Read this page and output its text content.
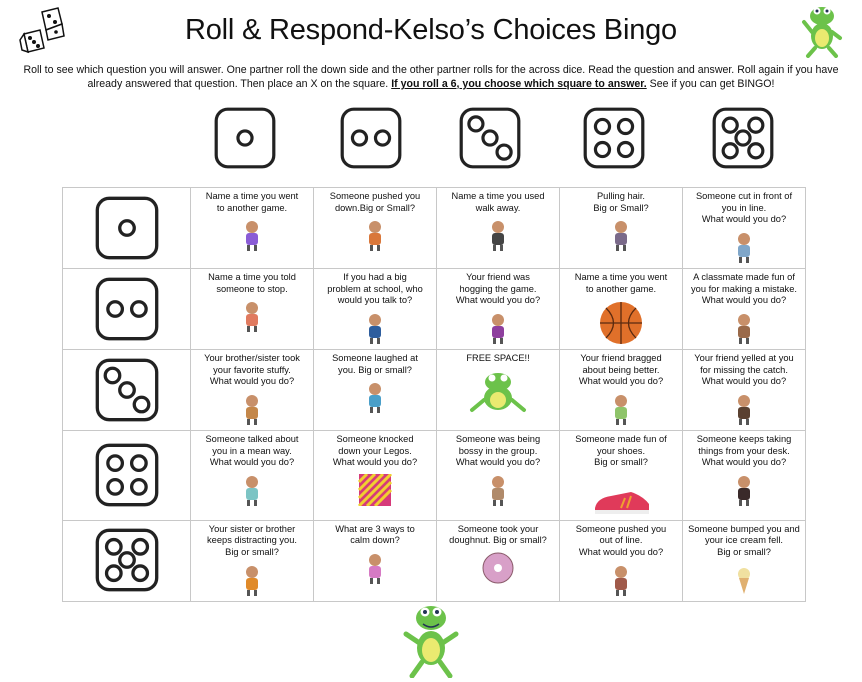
Roll & Respond-Kelso’s Choices Bingo
Roll to see which question you will answer. One partner roll the down side and the other partner rolls for the across dice. Read the question and answer. Roll again if you have already answered that question. Then place an X on the square. If you roll a 6, you choose which square to answer. See if you can get BINGO!

Name a time you went
to another game.	Someone pushed you
down.Big or Small?	Name a time you used
walk away.	Pulling hair.
Big or Small?	Someone cut in front of
you in line.
What would you do?

Name a time you told
someone to stop.	If you had a big
problem at school, who
would you talk to?	Your friend was
hogging the game.
What would you do?	Name a time you went
to another game.	A classmate made fun of
you for making a mistake.
What would you do?

Your brother/sister took
your favorite stuffy.
What would you do?	Someone laughed at
you. Big or small?	FREE SPACE!!	Your friend bragged
about being better.
What would you do?	Your friend yelled at you
for missing the catch.
What would you do?

Someone talked about
you in a mean way.
What would you do?	Someone knocked
down your Legos.
What would you do?	Someone was being
bossy in the group.
What would you do?	Someone made fun of
your shoes.
Big or small?	Someone keeps taking
things from your desk.
What would you do?

Your sister or brother
keeps distracting you.
Big or small?	What are 3 ways to
calm down?	Someone took your
doughnut. Big or small?	Someone pushed you
out of line.
What would you do?	Someone bumped you and
your ice cream fell.
Big or small?
